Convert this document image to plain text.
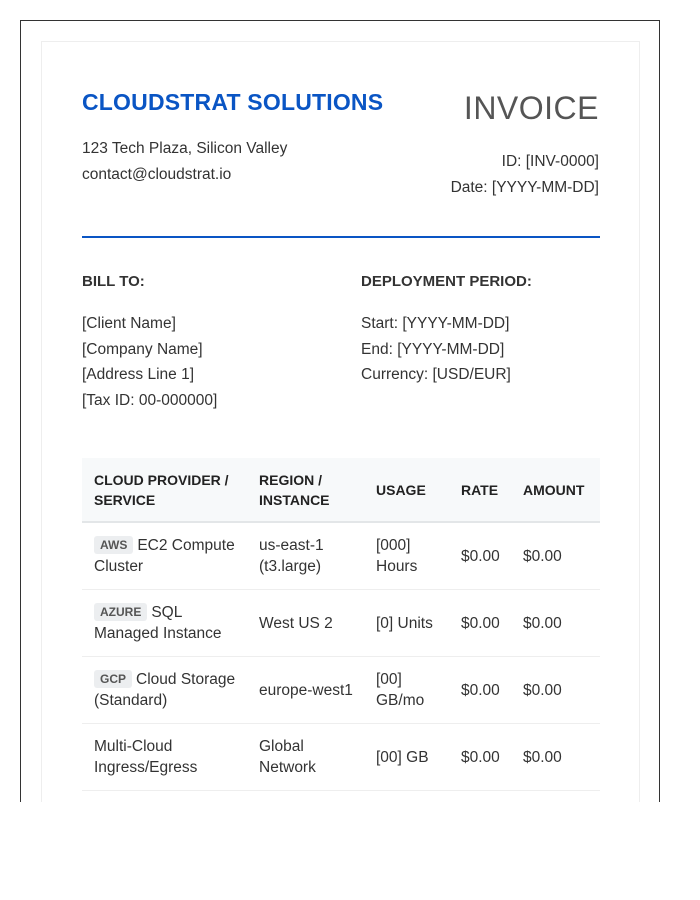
CLOUDSTRAT SOLUTIONS	INVOICE

123 Tech Plaza, Silicon Valley

contact@cloudstrat.io

ID: [INV-0000]

Date: [YYYY-MM-DD]

BILL TO:

[Client Name]

[Company Name]

[Address Line 1]

[Tax ID: 00-000000]

DEPLOYMENT PERIOD:

Start: [YYYY-MM-DD]

End: [YYYY-MM-DD]

Currency: [USD/EUR]

CLOUD PROVIDER / SERVICE	REGION / INSTANCE	USAGE	RATE	AMOUNT
AWS EC2 Compute Cluster	us-east-1 (t3.large)	[000] Hours	$0.00	$0.00
AZURE SQL Managed Instance	West US 2	[0] Units	$0.00	$0.00
GCP Cloud Storage (Standard)	europe-west1	[00] GB/mo	$0.00	$0.00
Multi-Cloud Ingress/Egress	Global Network	[00] GB	$0.00	$0.00
